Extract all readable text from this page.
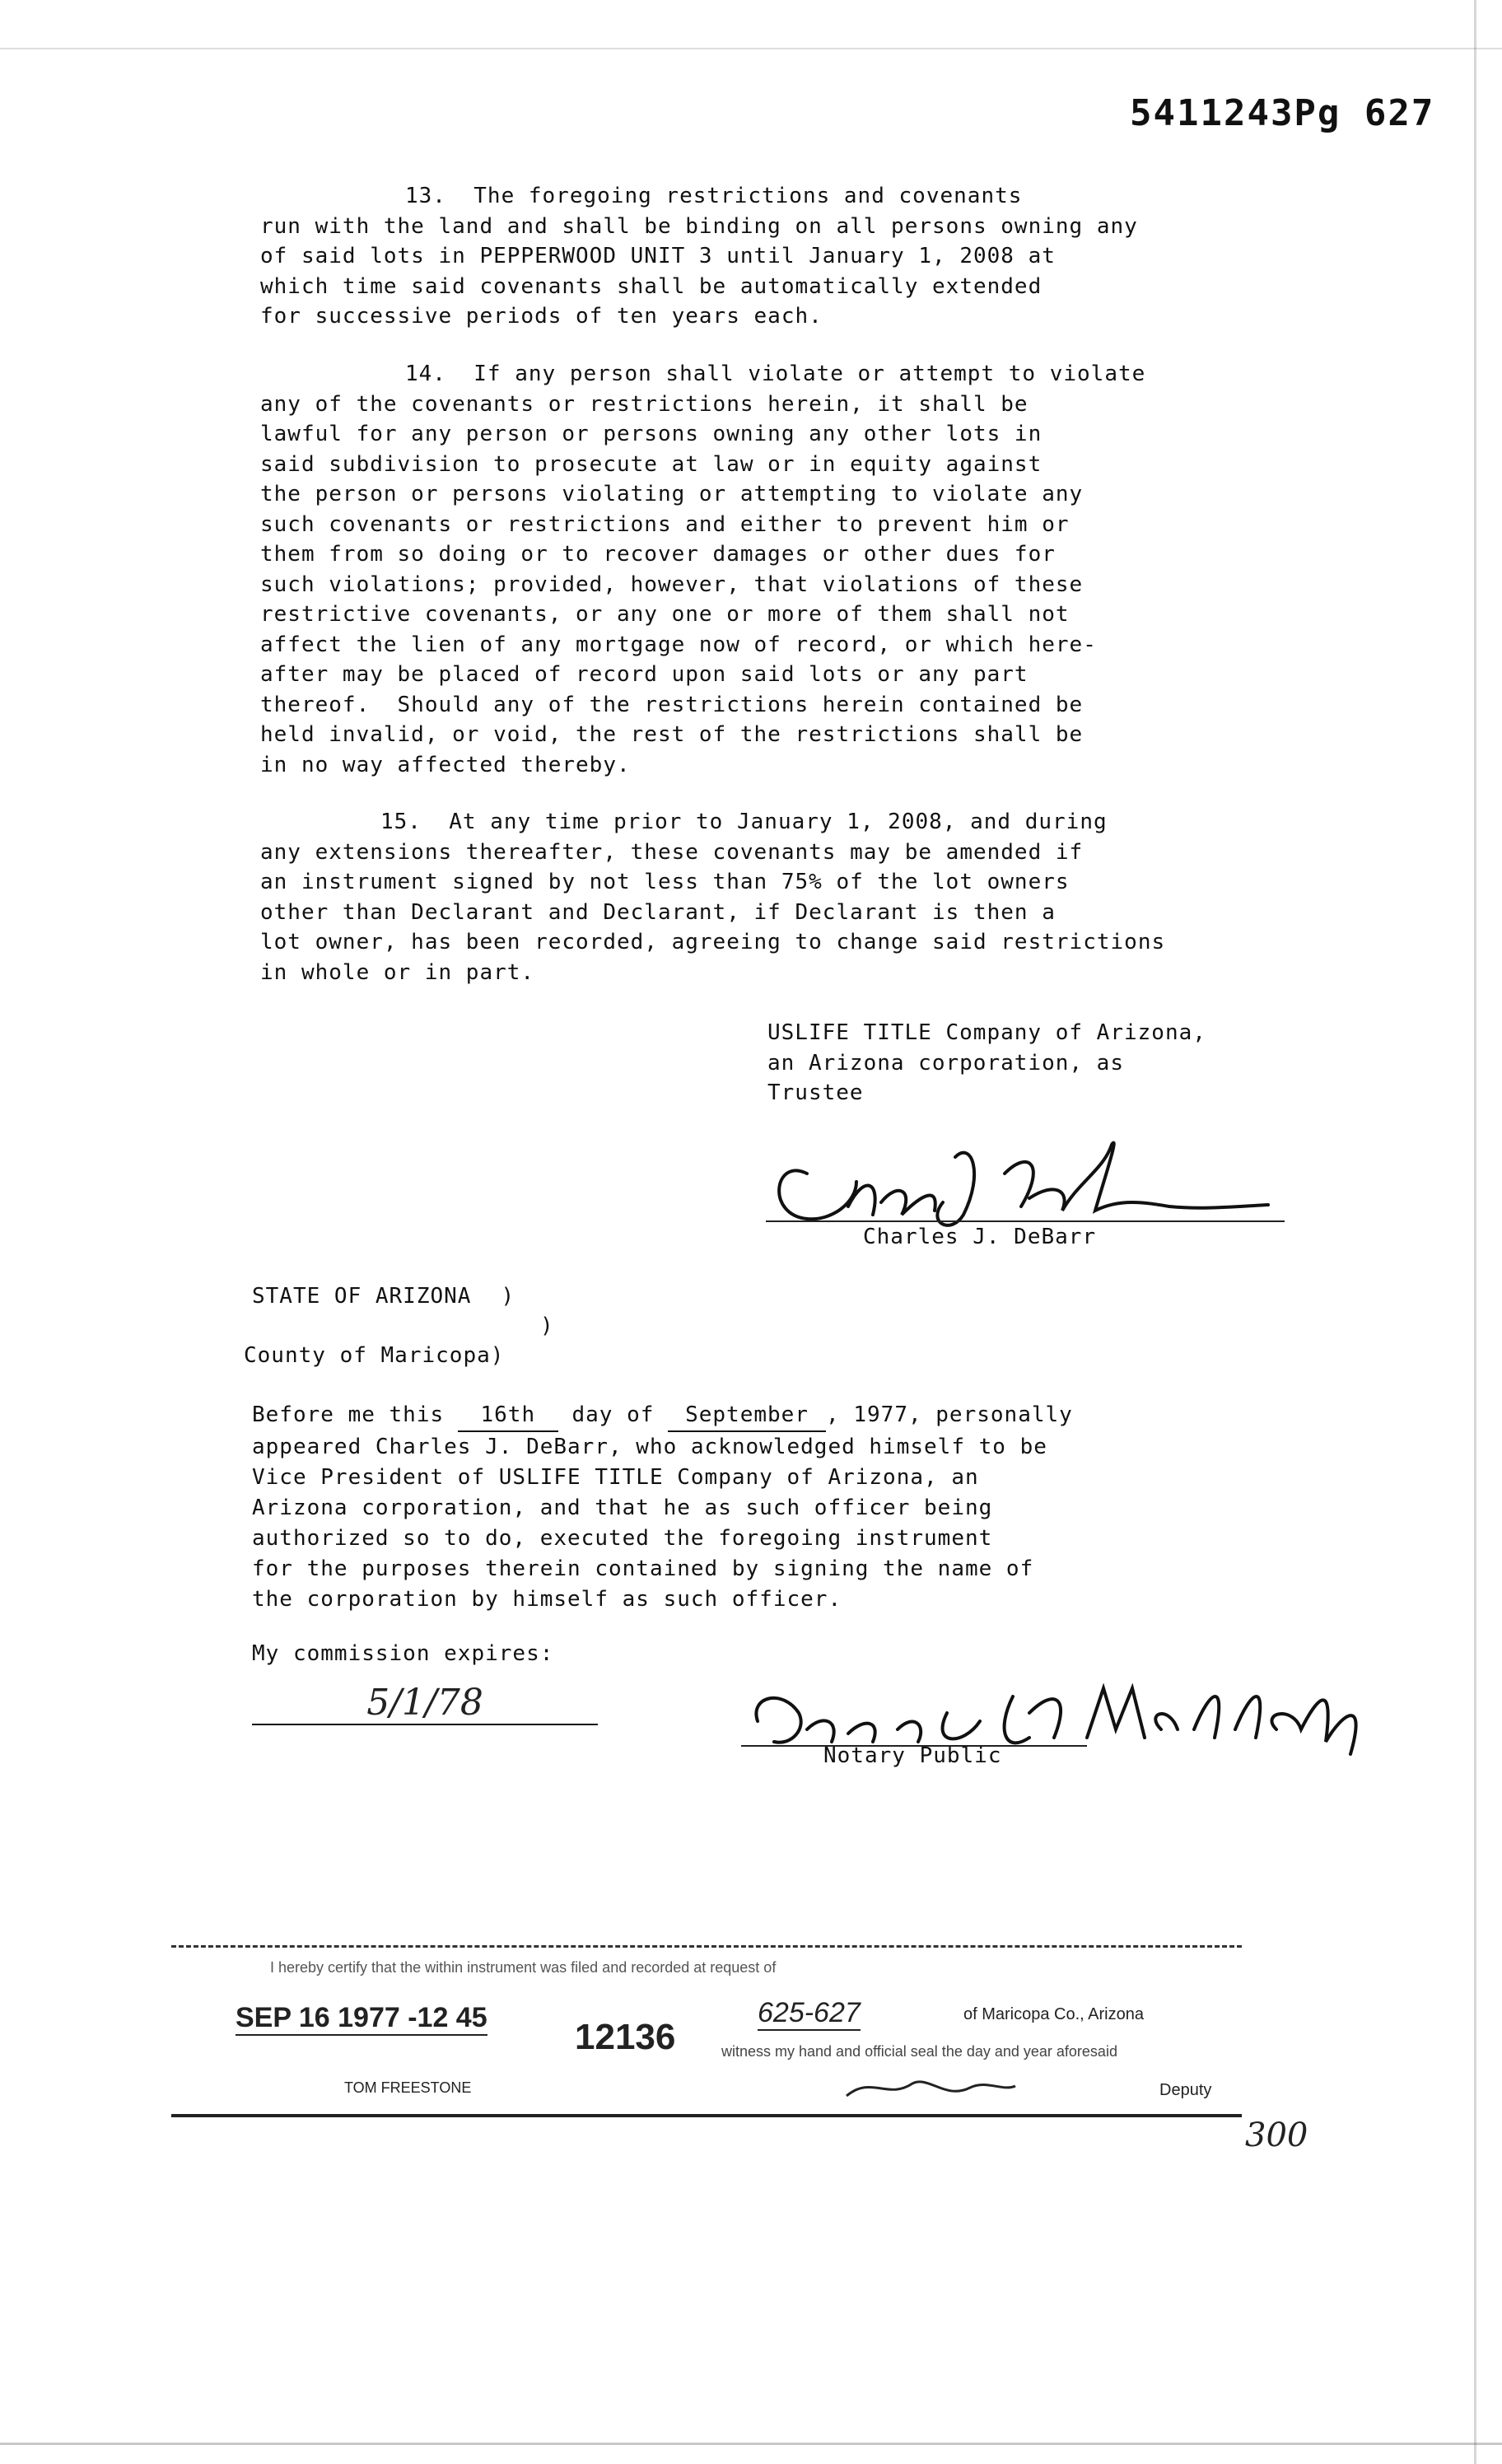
5411243Pg 627
13.  The foregoing restrictions and covenants
run with the land and shall be binding on all persons owning any
of said lots in PEPPERWOOD UNIT 3 until January 1, 2008 at
which time said covenants shall be automatically extended
for successive periods of ten years each.
14.  If any person shall violate or attempt to violate
any of the covenants or restrictions herein, it shall be
lawful for any person or persons owning any other lots in
said subdivision to prosecute at law or in equity against
the person or persons violating or attempting to violate any
such covenants or restrictions and either to prevent him or
them from so doing or to recover damages or other dues for
such violations; provided, however, that violations of these
restrictive covenants, or any one or more of them shall not
affect the lien of any mortgage now of record, or which here-
after may be placed of record upon said lots or any part
thereof.  Should any of the restrictions herein contained be
held invalid, or void, the rest of the restrictions shall be
in no way affected thereby.
15.  At any time prior to January 1, 2008, and during
any extensions thereafter, these covenants may be amended if
an instrument signed by not less than 75% of the lot owners
other than Declarant and Declarant, if Declarant is then a
lot owner, has been recorded, agreeing to change said restrictions
in whole or in part.
USLIFE TITLE Company of Arizona,
an Arizona corporation, as
Trustee
Charles J. DeBarr
STATE OF ARIZONA )
)
County of Maricopa)
Before me this 16th day of September , 1977, personally
appeared Charles J. DeBarr, who acknowledged himself to be
Vice President of USLIFE TITLE Company of Arizona, an
Arizona corporation, and that he as such officer being
authorized so to do, executed the foregoing instrument
for the purposes therein contained by signing the name of
the corporation by himself as such officer.
My commission expires:
5/1/78
Notary Public
I hereby certify that the within instrument was filed and recorded at request of
SEP 16 1977 -12 45 12136
625-627	of Maricopa Co., Arizona
witness my hand and official seal the day and year aforesaid
TOM FREESTONE	Deputy
300
